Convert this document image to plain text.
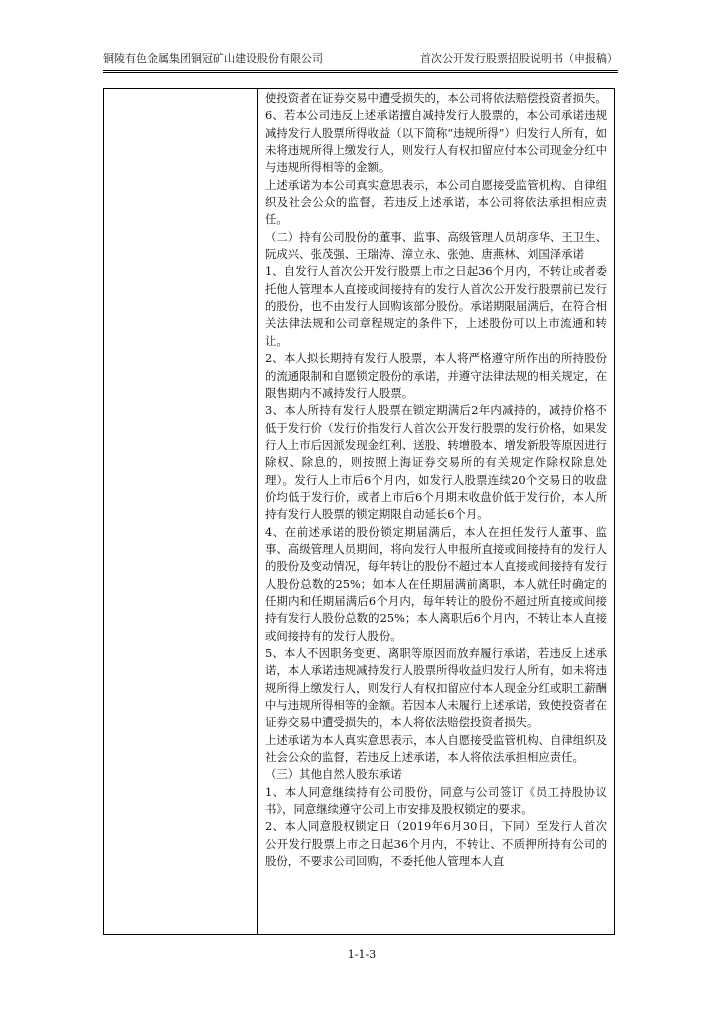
铜陵有色金属集团铜冠矿山建设股份有限公司	首次公开发行股票招股说明书（申报稿）

使投资者在证券交易中遭受损失的，本公司将依法赔偿投资者损失。

6、若本公司违反上述承诺擅自减持发行人股票的，本公司承诺违规减持发行人股票所得收益（以下简称“违规所得”）归发行人所有，如未将违规所得上缴发行人，则发行人有权扣留应付本公司现金分红中与违规所得相等的金额。

上述承诺为本公司真实意思表示，本公司自愿接受监管机构、自律组织及社会公众的监督，若违反上述承诺，本公司将依法承担相应责任。

（二）持有公司股份的董事、监事、高级管理人员胡彦华、王卫生、阮成兴、张茂强、王瑞涛、漳立永、张弛、唐燕林、刘国泽承诺

1、自发行人首次公开发行股票上市之日起36个月内，不转让或者委托他人管理本人直接或间接持有的发行人首次公开发行股票前已发行的股份，也不由发行人回购该部分股份。承诺期限届满后，在符合相关法律法规和公司章程规定的条件下，上述股份可以上市流通和转让。

2、本人拟长期持有发行人股票，本人将严格遵守所作出的所持股份的流通限制和自愿锁定股份的承诺，并遵守法律法规的相关规定，在限售期内不减持发行人股票。

3、本人所持有发行人股票在锁定期满后2年内减持的，减持价格不低于发行价（发行价指发行人首次公开发行股票的发行价格，如果发行人上市后因派发现金红利、送股、转增股本、增发新股等原因进行除权、除息的，则按照上海证券交易所的有关规定作除权除息处理）。发行人上市后6个月内，如发行人股票连续20个交易日的收盘价均低于发行价，或者上市后6个月期末收盘价低于发行价，本人所持有发行人股票的锁定期限自动延长6个月。

4、在前述承诺的股份锁定期届满后，本人在担任发行人董事、监事、高级管理人员期间，将向发行人申报所直接或间接持有的发行人的股份及变动情况，每年转让的股份不超过本人直接或间接持有发行人股份总数的25%；如本人在任期届满前离职，本人就任时确定的任期内和任期届满后6个月内，每年转让的股份不超过所直接或间接持有发行人股份总数的25%；本人离职后6个月内，不转让本人直接或间接持有的发行人股份。

5、本人不因职务变更、离职等原因而放弃履行承诺，若违反上述承诺，本人承诺违规减持发行人股票所得收益归发行人所有，如未将违规所得上缴发行人，则发行人有权扣留应付本人现金分红或职工薪酬中与违规所得相等的金额。若因本人未履行上述承诺，致使投资者在证券交易中遭受损失的，本人将依法赔偿投资者损失。

上述承诺为本人真实意思表示，本人自愿接受监管机构、自律组织及社会公众的监督，若违反上述承诺，本人将依法承担相应责任。

（三）其他自然人股东承诺

1、本人同意继续持有公司股份，同意与公司签订《员工持股协议书》，同意继续遵守公司上市安排及股权锁定的要求。

2、本人同意股权锁定日（2019年6月30日，下同）至发行人首次公开发行股票上市之日起36个月内，不转让、不质押所持有公司的股份，不要求公司回购，不委托他人管理本人直

1-1-3
